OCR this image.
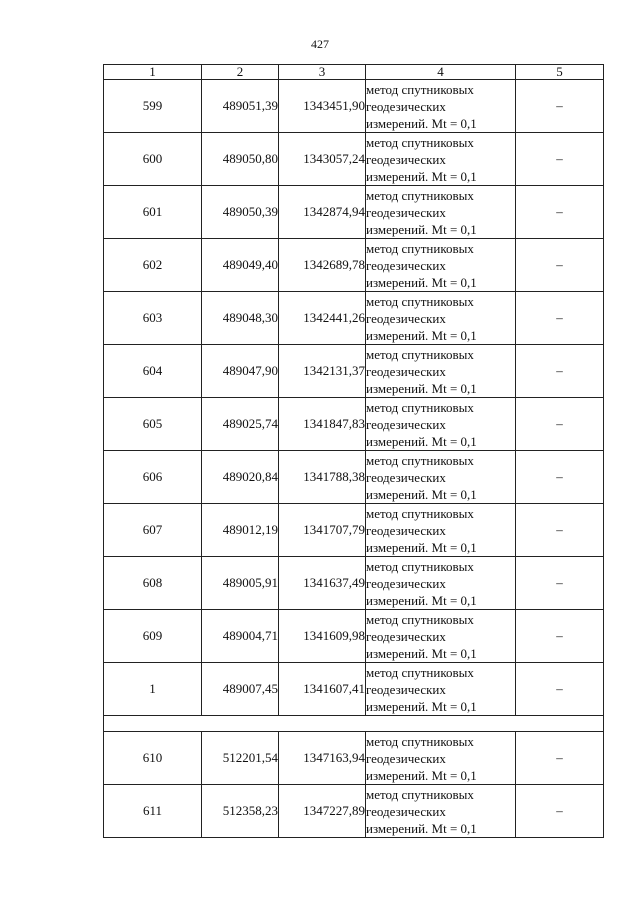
427
1	2	3	4	5
599	489051,39	1343451,90	метод спутниковых
геодезических
измерений. Mt = 0,1	–
600	489050,80	1343057,24	метод спутниковых
геодезических
измерений. Mt = 0,1	–
601	489050,39	1342874,94	метод спутниковых
геодезических
измерений. Mt = 0,1	–
602	489049,40	1342689,78	метод спутниковых
геодезических
измерений. Mt = 0,1	–
603	489048,30	1342441,26	метод спутниковых
геодезических
измерений. Mt = 0,1	–
604	489047,90	1342131,37	метод спутниковых
геодезических
измерений. Mt = 0,1	–
605	489025,74	1341847,83	метод спутниковых
геодезических
измерений. Mt = 0,1	–
606	489020,84	1341788,38	метод спутниковых
геодезических
измерений. Mt = 0,1	–
607	489012,19	1341707,79	метод спутниковых
геодезических
измерений. Mt = 0,1	–
608	489005,91	1341637,49	метод спутниковых
геодезических
измерений. Mt = 0,1	–
609	489004,71	1341609,98	метод спутниковых
геодезических
измерений. Mt = 0,1	–
1	489007,45	1341607,41	метод спутниковых
геодезических
измерений. Mt = 0,1	–

610	512201,54	1347163,94	метод спутниковых
геодезических
измерений. Mt = 0,1	–
611	512358,23	1347227,89	метод спутниковых
геодезических
измерений. Mt = 0,1	–
